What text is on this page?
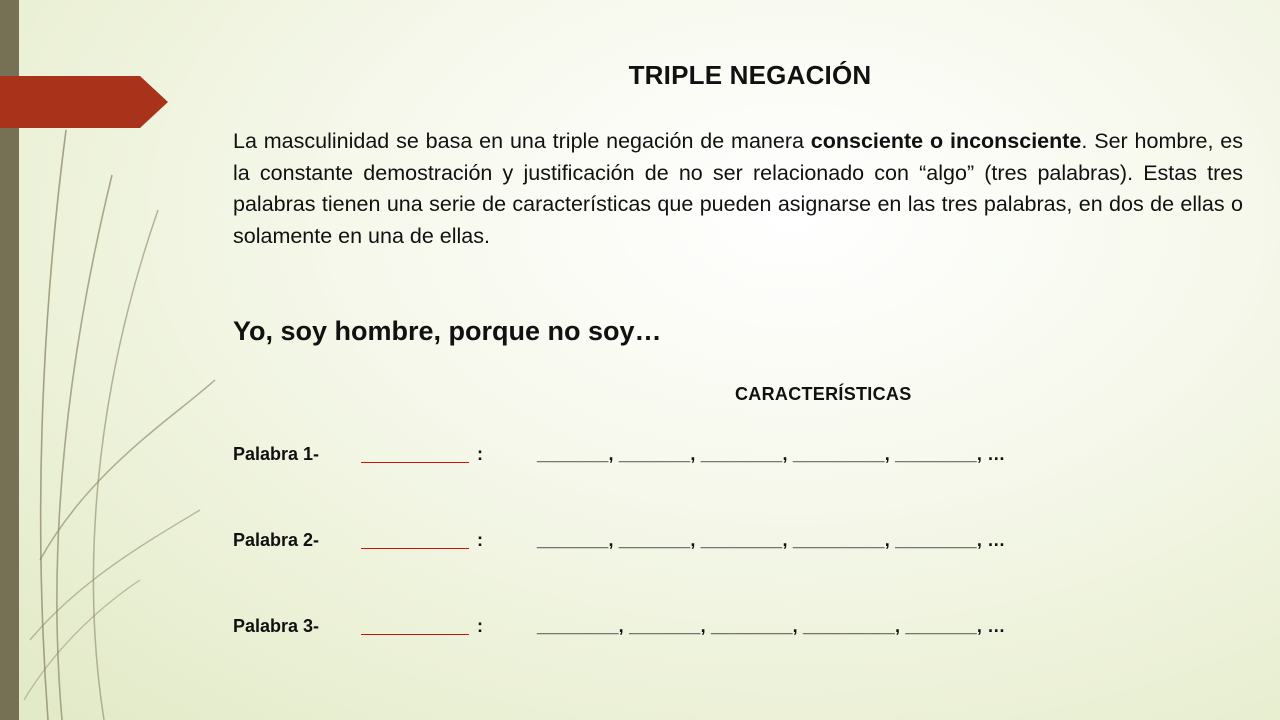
TRIPLE NEGACIÓN
La masculinidad se basa en una triple negación de manera consciente o inconsciente. Ser hombre, es la constante demostración y justificación de no ser relacionado con “algo” (tres palabras). Estas tres palabras tienen una serie de características que pueden asignarse en las tres palabras, en dos de ellas o solamente en una de ellas.
Yo, soy hombre, porque no soy…
CARACTERÍSTICAS
Palabra 1-	:	_______, _______, ________, _________, ________, …
Palabra 2-	:	_______, _______, ________, _________, ________, …
Palabra 3-	:	________, _______, ________, _________, _______, …
